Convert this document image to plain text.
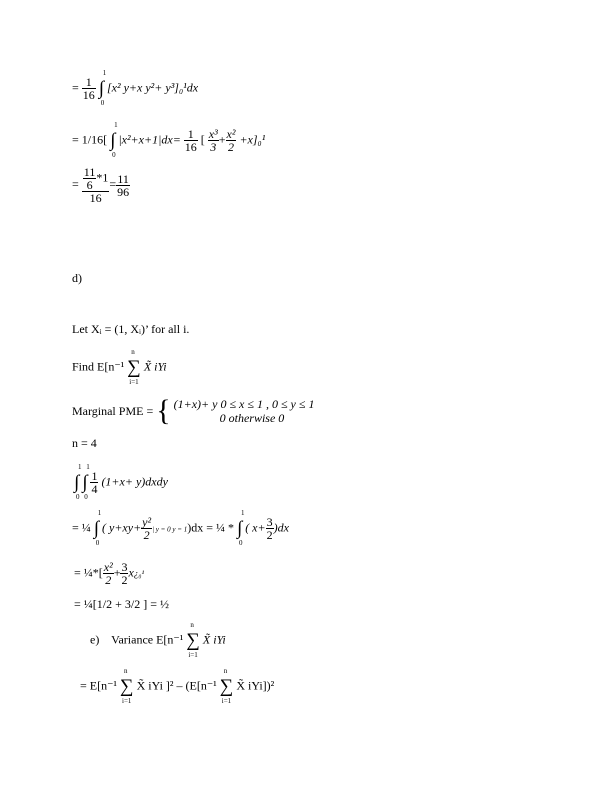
= $\frac{1}{16}$

1
∫
0
[x² y+x y²+ y³]₀¹dx
= 1/16[
1
∫
0
$|x^2+x+1|dx= \frac{1}{16}$ [ $\frac{\text{x³}}{3} + \frac{\text{x²}}{2} +x]_0^1$
= $\frac{\frac{11}{6} *1}{16} = \frac{11}{96}$
d)
Let Xᵢ = (1, Xᵢ)’ for all i.
Find E[n⁻¹
n
∑
i=1
X̃ iYi
Marginal PME = { (1+x)+ y 0 ≤ x ≤ 1 , 0 ≤ y ≤ 1
0 otherwise 0
n = 4
1
∫
0

1
∫
0

$\frac{1}{4} (1+x+$ y)dxdy
= ¼
1
∫
0
( $y+xy+ \frac{\text{y²}}{2}$ | y = 0 y = 1)dx = ¼ *
1
∫
0
( $x+ \frac{3}{2} )dx$
= ¼*[ $\frac{\text{x²}}{2} + \frac{3}{2}$ x¿₀¹
= ¼[1/2 + 3/2 ] = ½
e) Variance E[n⁻¹
n
∑
i=1
X̃ iYi
= E[n⁻¹
n
∑
i=1
X̃ iYi ]² – (E[n⁻¹
n
∑
i=1
X̃ iYi])²
